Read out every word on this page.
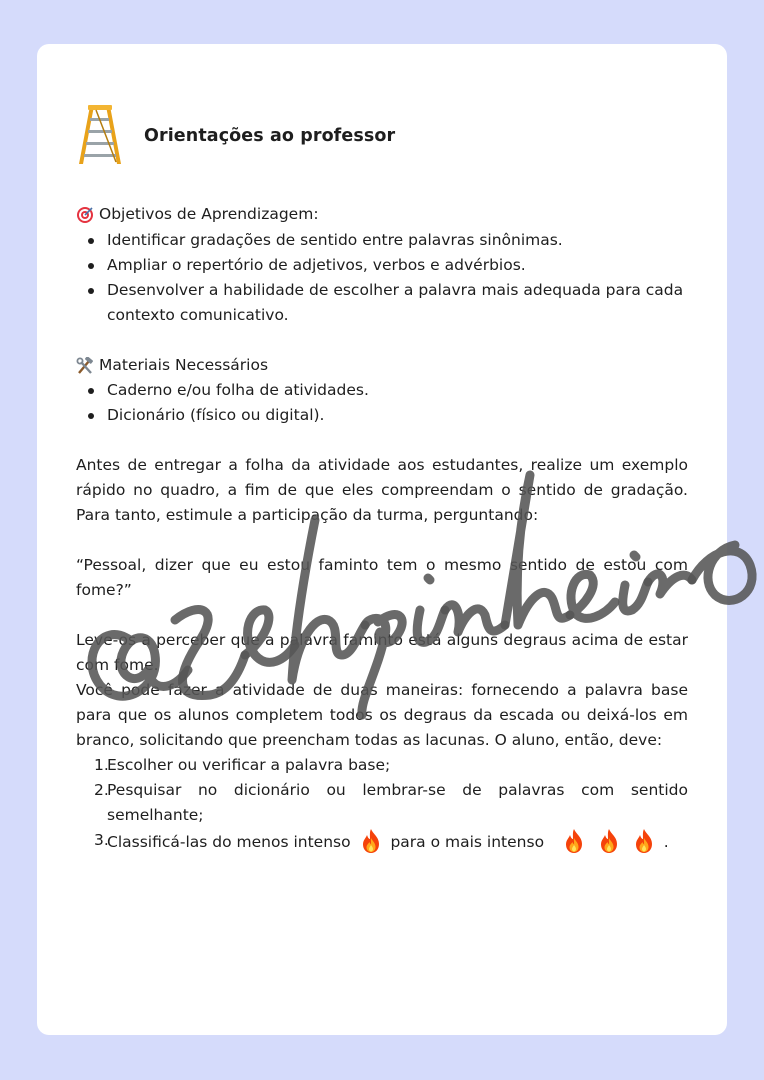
Orientações ao professor
Objetivos de Aprendizagem:
Identificar gradações de sentido entre palavras sinônimas.
Ampliar o repertório de adjetivos, verbos e advérbios.
Desenvolver a habilidade de escolher a palavra mais adequada para cada contexto comunicativo.
Materiais Necessários
Caderno e/ou folha de atividades.
Dicionário (físico ou digital).
Antes de entregar a folha da atividade aos estudantes, realize um exemplo rápido no quadro, a fim de que eles compreendam o sentido de gradação. Para tanto, estimule a participação da turma, perguntando:
“Pessoal, dizer que eu estou faminto tem o mesmo sentido de estou com fome?”
Leve-os a perceber que a palavra faminto está alguns degraus acima de estar com fome.
Você pode fazer a atividade de duas maneiras: fornecendo a palavra base para que os alunos completem todos os degraus da escada ou deixá-los em branco, solicitando que preencham todas as lacunas. O aluno, então, deve:
1.
Escolher ou verificar a palavra base;
2.
Pesquisar no dicionário ou lembrar-se de palavras com sentido semelhante;
3.
Classificá-las do menos intenso	para o mais intenso	.
